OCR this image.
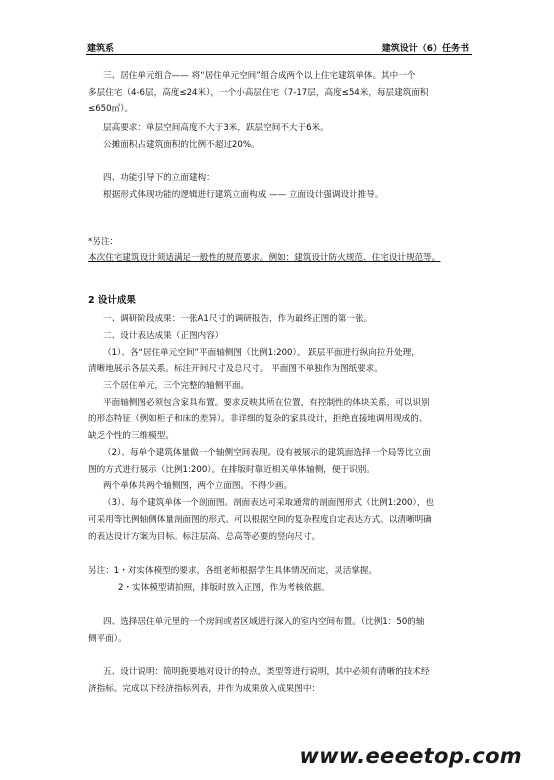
建筑系	建筑设计（6）任务书
三、居住单元组合—— 将“居住单元空间”组合成两个以上住宅建筑单体。其中一个
多层住宅（4-6层，高度≤24米），一个小高层住宅（7-17层，高度≤54米，每层建筑面积
≤650㎡）。
层高要求：单层空间高度不大于3米，跃层空间不大于6米。
公摊面积占建筑面积的比例不超过20%。
四、功能引导下的立面建构：
根据形式体现功能的逻辑进行建筑立面构成 —— 立面设计强调设计推导。
*另注：
本次住宅建筑设计须适满足一般性的规范要求。例如：建筑设计防火规范、住宅设计规范等。
2 设计成果
一、调研阶段成果：一张A1尺寸的调研报告，作为最终正图的第一张。
二、设计表达成果（正图内容）
（1）、各“居住单元空间”平面轴侧图（比例1:200）。 跃层平面进行纵向拉升处理，
清晰地展示各层关系。标注开间尺寸及总尺寸。 平面图不单独作为图纸要求。
三个居住单元，三个完整的轴侧平面。
平面轴侧图必须包含家具布置。要求反映其所在位置，有控制性的体块关系，可以识别
的形态特征（例如柜子和床的差异）。非详细的复杂的家具设计，拒绝直接地调用现成的、
缺乏个性的三维模型。
（2）、每单个建筑体量做一个轴侧空间表现。设有被展示的建筑面选择一个局等比立面
图的方式进行展示（比例1:200）。在排版时靠近相关单体轴侧，便于识别。
两个单体共两个轴侧图，两个立面图。不得少画。
（3）、每个建筑单体一个剖面图。剖面表达可采取通常的剖面图形式（比例1:200），也
可采用等比例轴侧体量剖面图的形式。可以根据空间的复杂程度自定表达方式。以清晰明确
的表达设计方案为目标。标注层高、总高等必要的竖向尺寸。
另注：1・对实体模型的要求，各组老师根据学生具体情况而定，灵活掌握。
2・实体模型请拍照，排版时放入正图，作为考核依据。
四、选择居住单元里的一个房间或者区域进行深入的室内空间布置。（比例1：50的轴
侧平面）。
五、设计说明：简明扼要地对设计的特点，类型等进行说明，其中必须有清晰的技术经
济指标。完成以下经济指标列表，并作为成果放入成果图中：
www.eeeetop.com
